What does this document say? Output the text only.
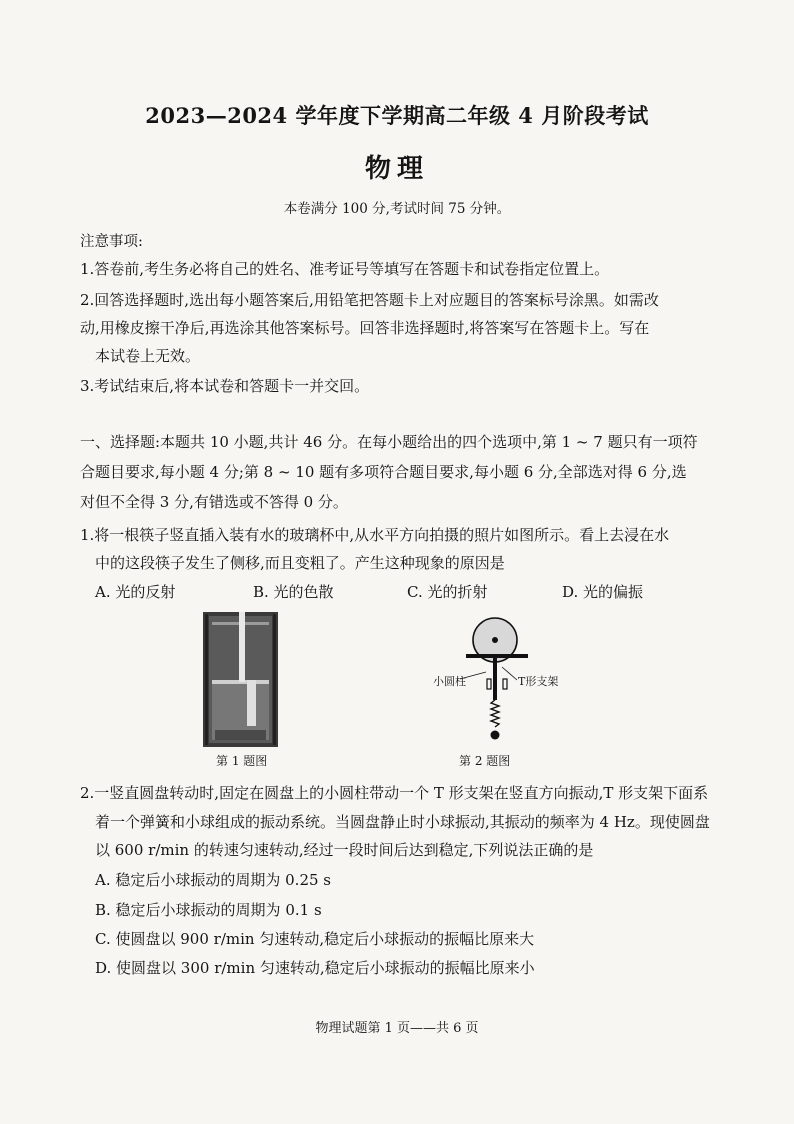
2023—2024 学年度下学期高二年级 4 月阶段考试
物理
本卷满分 100 分,考试时间 75 分钟。
注意事项:
1.答卷前,考生务必将自己的姓名、准考证号等填写在答题卡和试卷指定位置上。
2.回答选择题时,选出每小题答案后,用铅笔把答题卡上对应题目的答案标号涂黑。如需改
动,用橡皮擦干净后,再选涂其他答案标号。回答非选择题时,将答案写在答题卡上。写在
本试卷上无效。
3.考试结束后,将本试卷和答题卡一并交回。
一、选择题:本题共 10 小题,共计 46 分。在每小题给出的四个选项中,第 1 ~ 7 题只有一项符
合题目要求,每小题 4 分;第 8 ~ 10 题有多项符合题目要求,每小题 6 分,全部选对得 6 分,选
对但不全得 3 分,有错选或不答得 0 分。
1.将一根筷子竖直插入装有水的玻璃杯中,从水平方向拍摄的照片如图所示。看上去浸在水
中的这段筷子发生了侧移,而且变粗了。产生这种现象的原因是
A. 光的反射	B. 光的色散	C. 光的折射	D. 光的偏振
第 1 题图
小圆柱	T形支架
第 2 题图
2.一竖直圆盘转动时,固定在圆盘上的小圆柱带动一个 T 形支架在竖直方向振动,T 形支架下面系
着一个弹簧和小球组成的振动系统。当圆盘静止时小球振动,其振动的频率为 4 Hz。现使圆盘
以 600 r/min 的转速匀速转动,经过一段时间后达到稳定,下列说法正确的是
A. 稳定后小球振动的周期为 0.25 s
B. 稳定后小球振动的周期为 0.1 s
C. 使圆盘以 900 r/min 匀速转动,稳定后小球振动的振幅比原来大
D. 使圆盘以 300 r/min 匀速转动,稳定后小球振动的振幅比原来小
物理试题第 1 页——共 6 页
